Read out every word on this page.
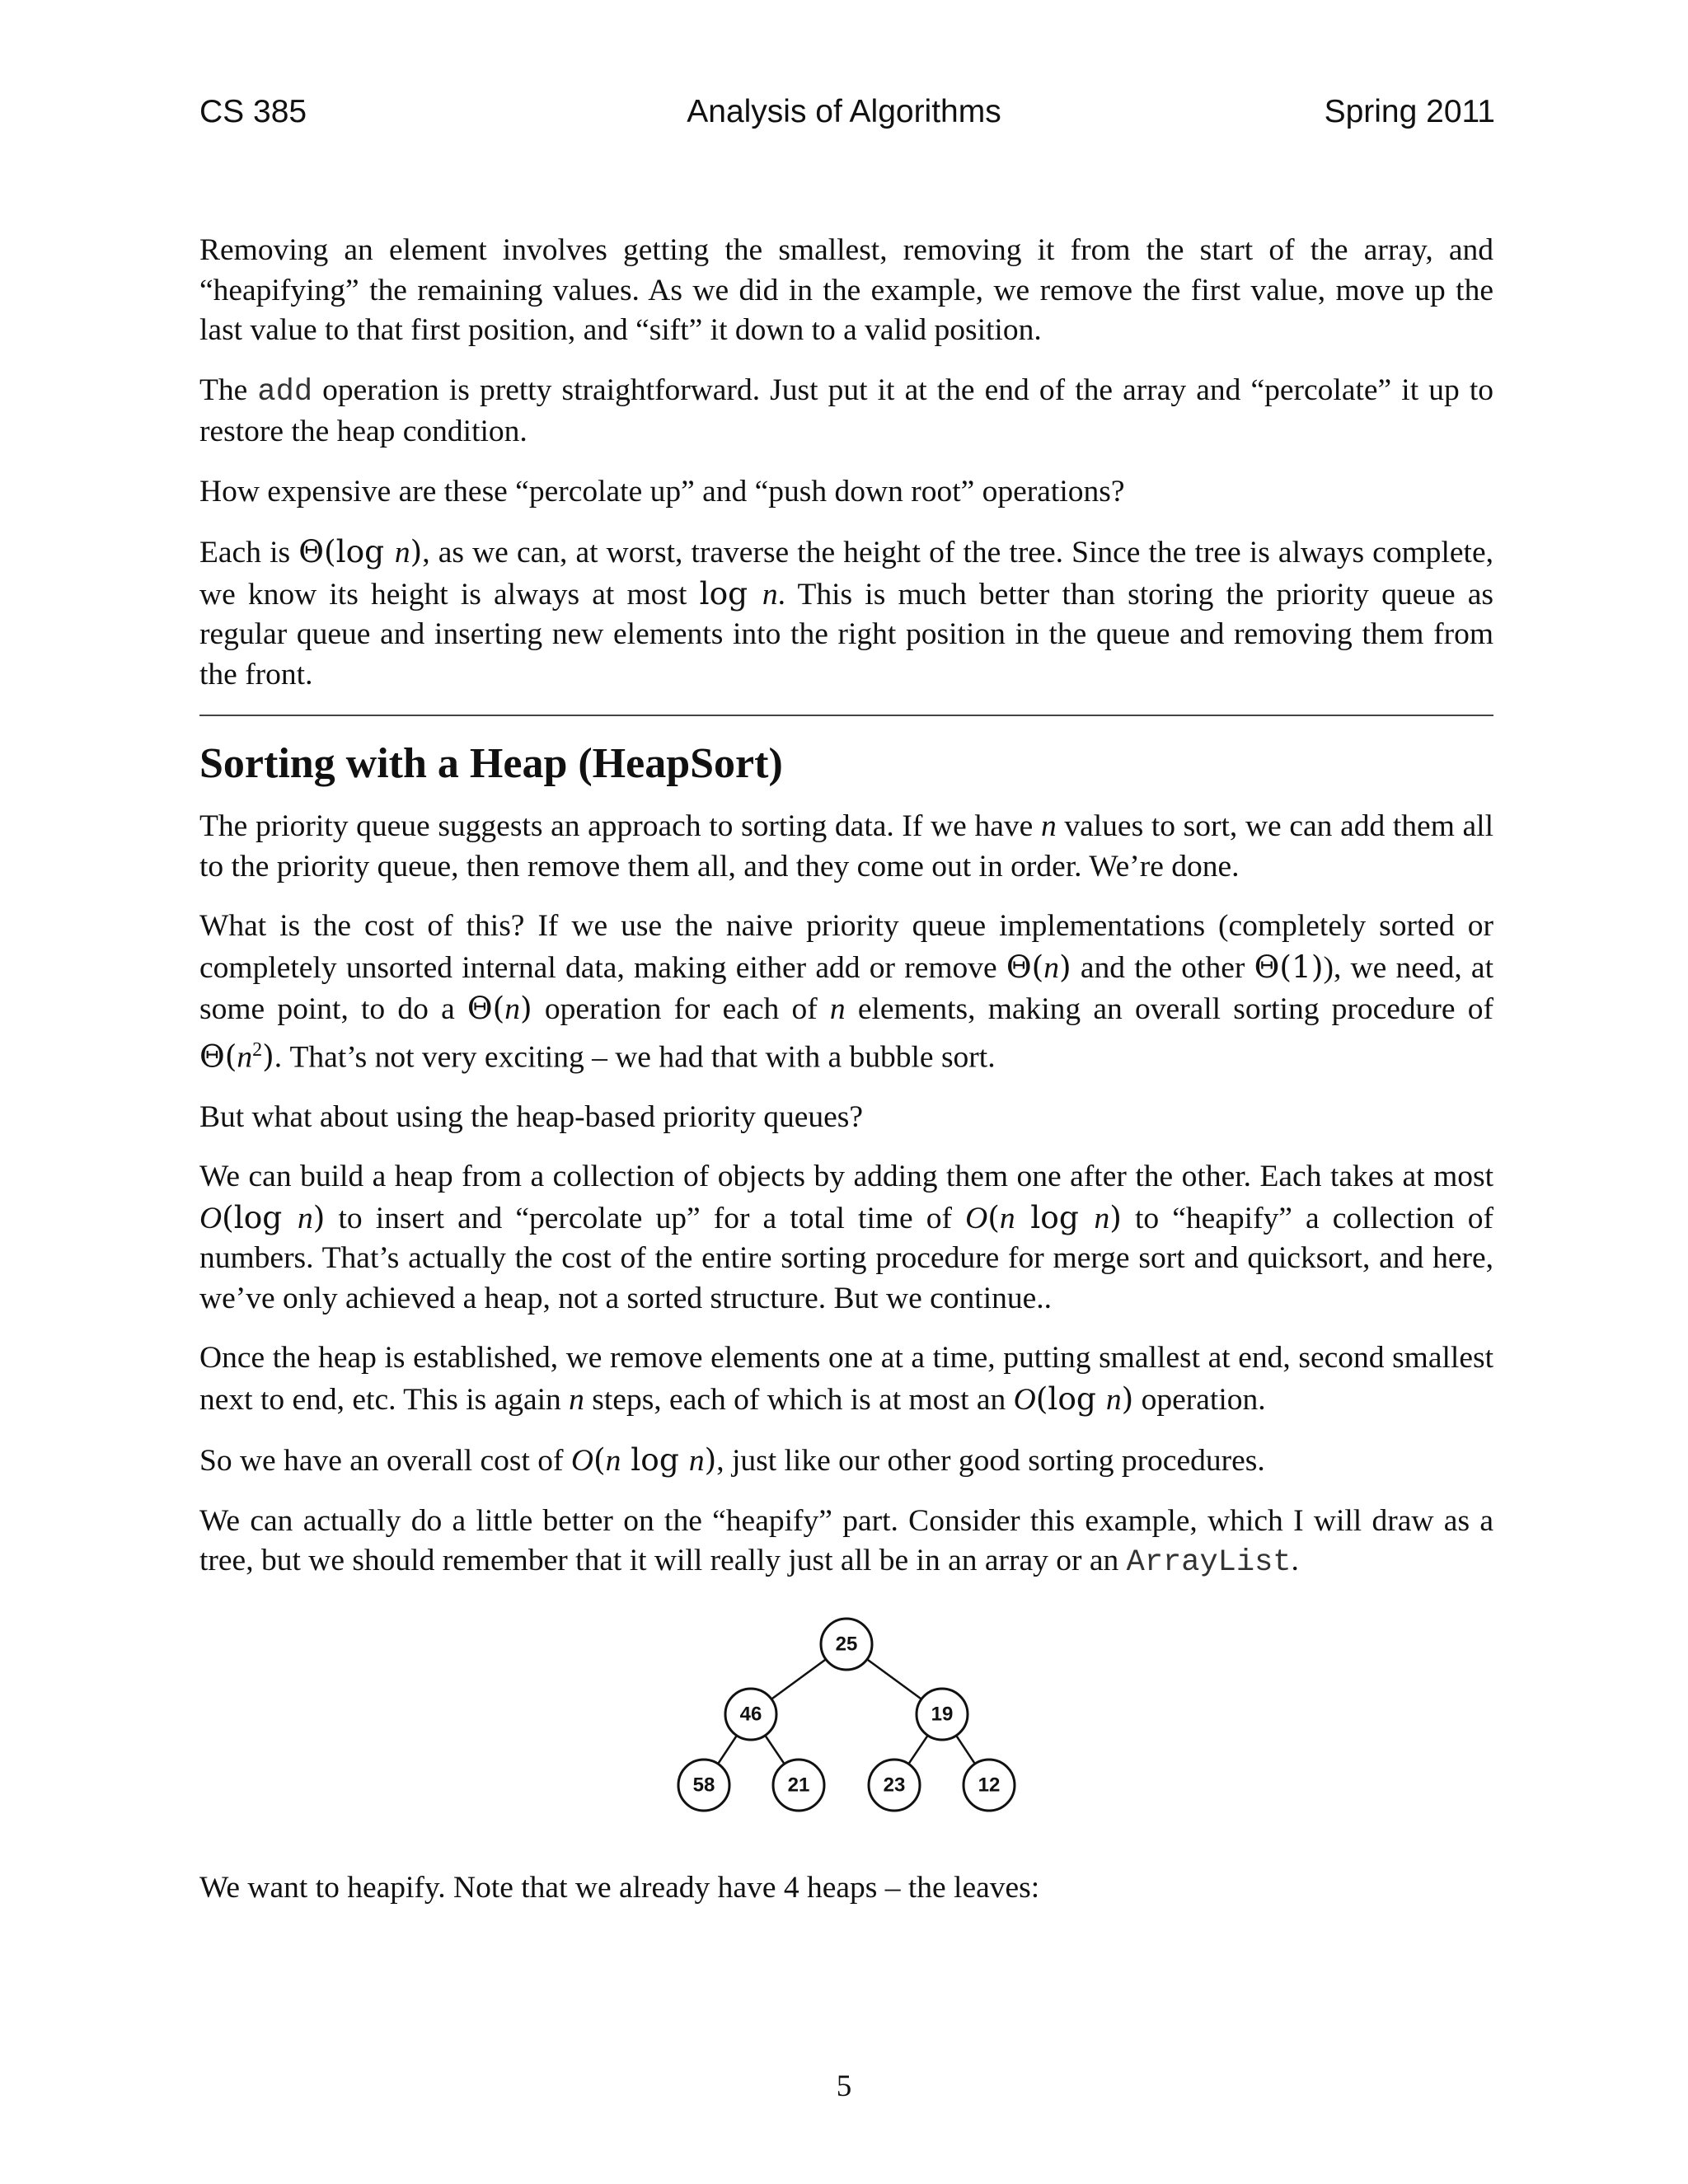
Analysis of Algorithms
CS 385	Spring 2011

Removing an element involves getting the smallest, removing it from the start of the array, and “heapifying” the remaining values. As we did in the example, we remove the first value, move up the last value to that first position, and “sift” it down to a valid position.

The add operation is pretty straightforward. Just put it at the end of the array and “percolate” it up to restore the heap condition.

How expensive are these “percolate up” and “push down root” operations?

Each is Θ(log n), as we can, at worst, traverse the height of the tree. Since the tree is always complete, we know its height is always at most log n. This is much better than storing the priority queue as regular queue and inserting new elements into the right position in the queue and removing them from the front.

Sorting with a Heap (HeapSort)

The priority queue suggests an approach to sorting data. If we have n values to sort, we can add them all to the priority queue, then remove them all, and they come out in order. We’re done.

What is the cost of this? If we use the naive priority queue implementations (completely sorted or completely unsorted internal data, making either add or remove Θ(n) and the other Θ(1)), we need, at some point, to do a Θ(n) operation for each of n elements, making an overall sorting procedure of $\Theta(n^2)$. That’s not very exciting – we had that with a bubble sort.

But what about using the heap-based priority queues?

We can build a heap from a collection of objects by adding them one after the other. Each takes at most O(log n) to insert and “percolate up” for a total time of O(n log n) to “heapify” a collection of numbers. That’s actually the cost of the entire sorting procedure for merge sort and quicksort, and here, we’ve only achieved a heap, not a sorted structure. But we continue..

Once the heap is established, we remove elements one at a time, putting smallest at end, second smallest next to end, etc. This is again n steps, each of which is at most an O(log n) operation.

So we have an overall cost of O(n log n), just like our other good sorting procedures.

We can actually do a little better on the “heapify” part. Consider this example, which I will draw as a tree, but we should remember that it will really just all be in an array or an ArrayList.

25
46	19
58	21	23	12

We want to heapify. Note that we already have 4 heaps – the leaves:

5
